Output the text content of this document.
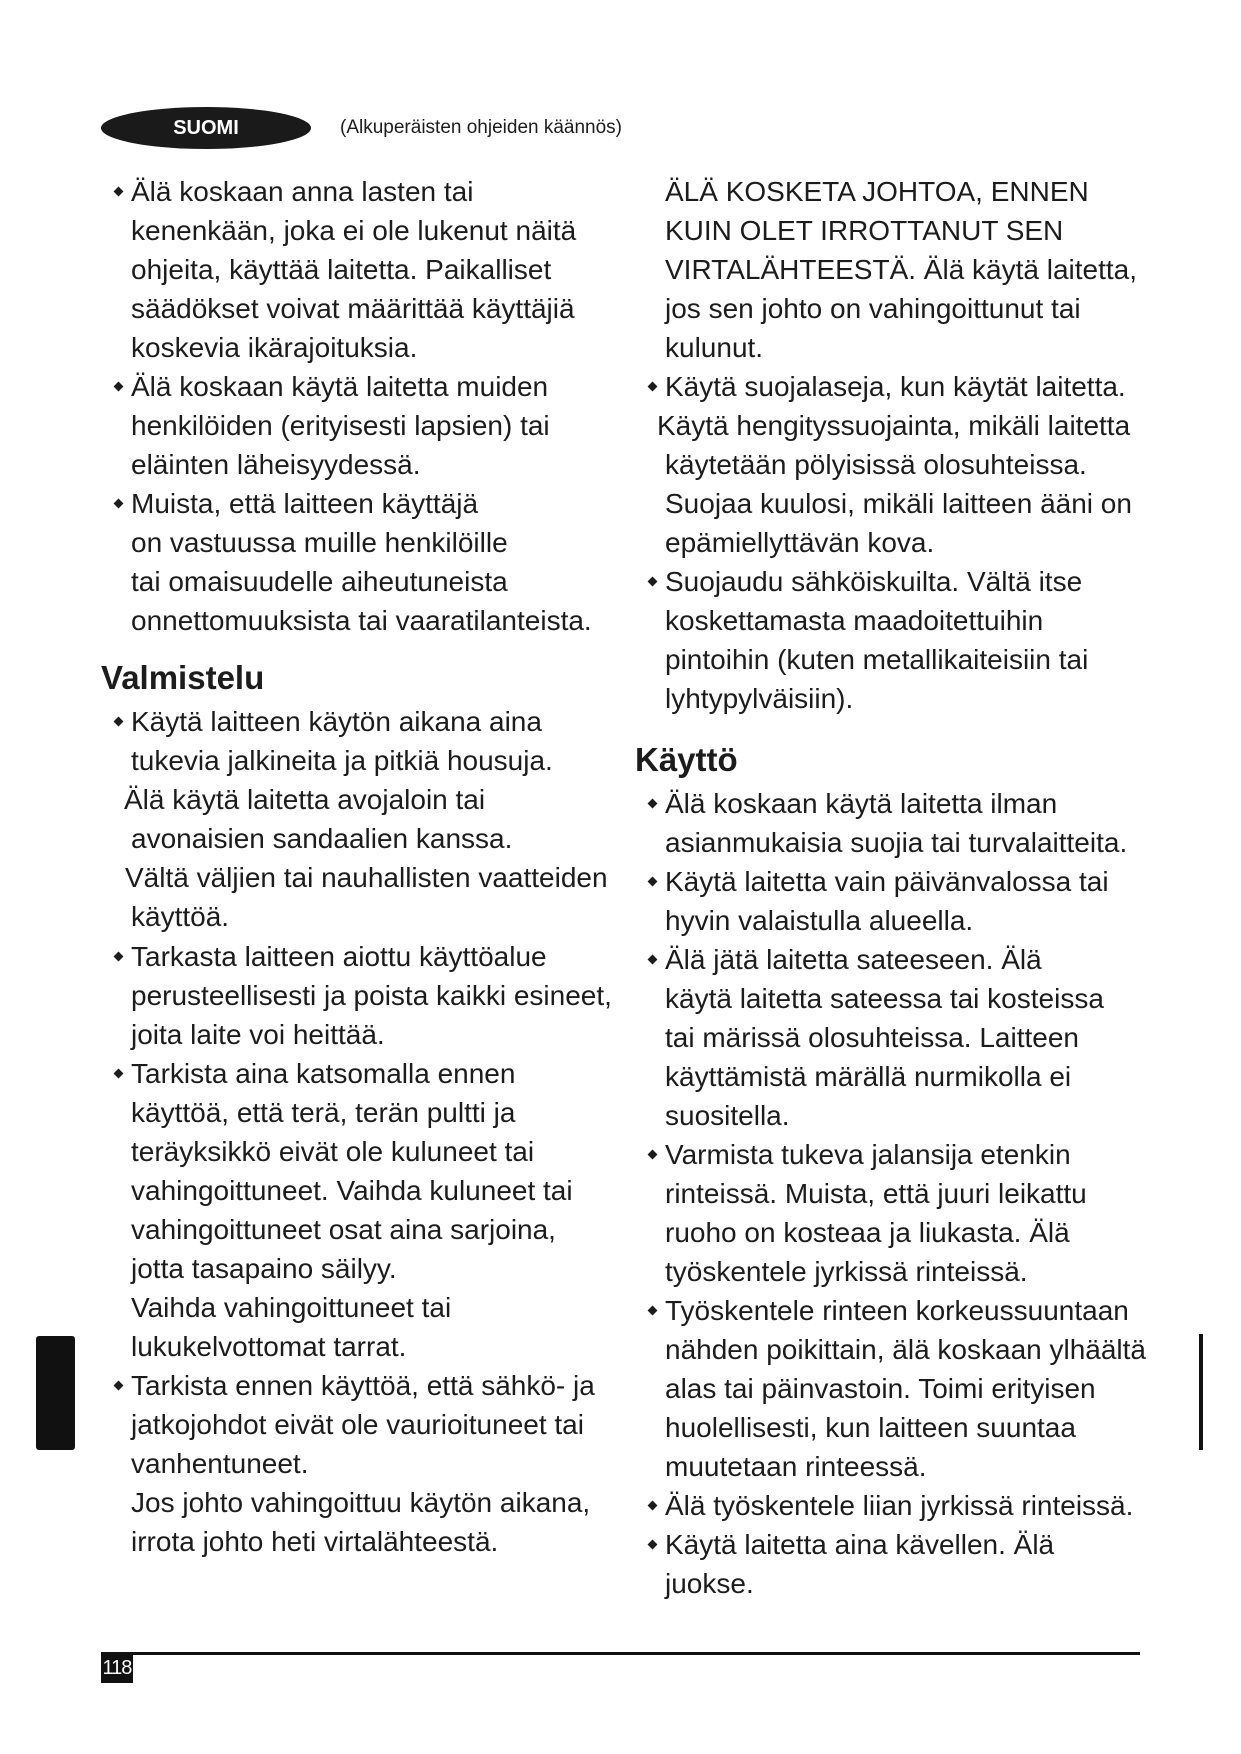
SUOMI	(Alkuperäisten ohjeiden käännös)
Älä koskaan anna lasten tai
kenenkään, joka ei ole lukenut näitä
ohjeita, käyttää laitetta. Paikalliset
säädökset voivat määrittää käyttäjiä
koskevia ikärajoituksia.
Älä koskaan käytä laitetta muiden
henkilöiden (erityisesti lapsien) tai
eläinten läheisyydessä.
Muista, että laitteen käyttäjä
on vastuussa muille henkilöille
tai omaisuudelle aiheutuneista
onnettomuuksista tai vaaratilanteista.
Valmistelu
Käytä laitteen käytön aikana aina
tukevia jalkineita ja pitkiä housuja.
Älä käytä laitetta avojaloin tai
avonaisien sandaalien kanssa.
Vältä väljien tai nauhallisten vaatteiden
käyttöä.
Tarkasta laitteen aiottu käyttöalue
perusteellisesti ja poista kaikki esineet,
joita laite voi heittää.
Tarkista aina katsomalla ennen
käyttöä, että terä, terän pultti ja
teräyksikkö eivät ole kuluneet tai
vahingoittuneet. Vaihda kuluneet tai
vahingoittuneet osat aina sarjoina,
jotta tasapaino säilyy.
Vaihda vahingoittuneet tai
lukukelvottomat tarrat.
Tarkista ennen käyttöä, että sähkö- ja
jatkojohdot eivät ole vaurioituneet tai
vanhentuneet.
Jos johto vahingoittuu käytön aikana,
irrota johto heti virtalähteestä.
ÄLÄ KOSKETA JOHTOA, ENNEN
KUIN OLET IRROTTANUT SEN
VIRTALÄHTEESTÄ. Älä käytä laitetta,
jos sen johto on vahingoittunut tai
kulunut.
Käytä suojalaseja, kun käytät laitetta.
Käytä hengityssuojainta, mikäli laitetta
käytetään pölyisissä olosuhteissa.
Suojaa kuulosi, mikäli laitteen ääni on
epämiellyttävän kova.
Suojaudu sähköiskuilta. Vältä itse
koskettamasta maadoitettuihin
pintoihin (kuten metallikaiteisiin tai
lyhtypylväisiin).
Käyttö
Älä koskaan käytä laitetta ilman
asianmukaisia suojia tai turvalaitteita.
Käytä laitetta vain päivänvalossa tai
hyvin valaistulla alueella.
Älä jätä laitetta sateeseen. Älä
käytä laitetta sateessa tai kosteissa
tai märissä olosuhteissa. Laitteen
käyttämistä märällä nurmikolla ei
suositella.
Varmista tukeva jalansija etenkin
rinteissä. Muista, että juuri leikattu
ruoho on kosteaa ja liukasta. Älä
työskentele jyrkissä rinteissä.
Työskentele rinteen korkeussuuntaan
nähden poikittain, älä koskaan ylhäältä
alas tai päinvastoin. Toimi erityisen
huolellisesti, kun laitteen suuntaa
muutetaan rinteessä.
Älä työskentele liian jyrkissä rinteissä.
Käytä laitetta aina kävellen. Älä
juokse.
118
